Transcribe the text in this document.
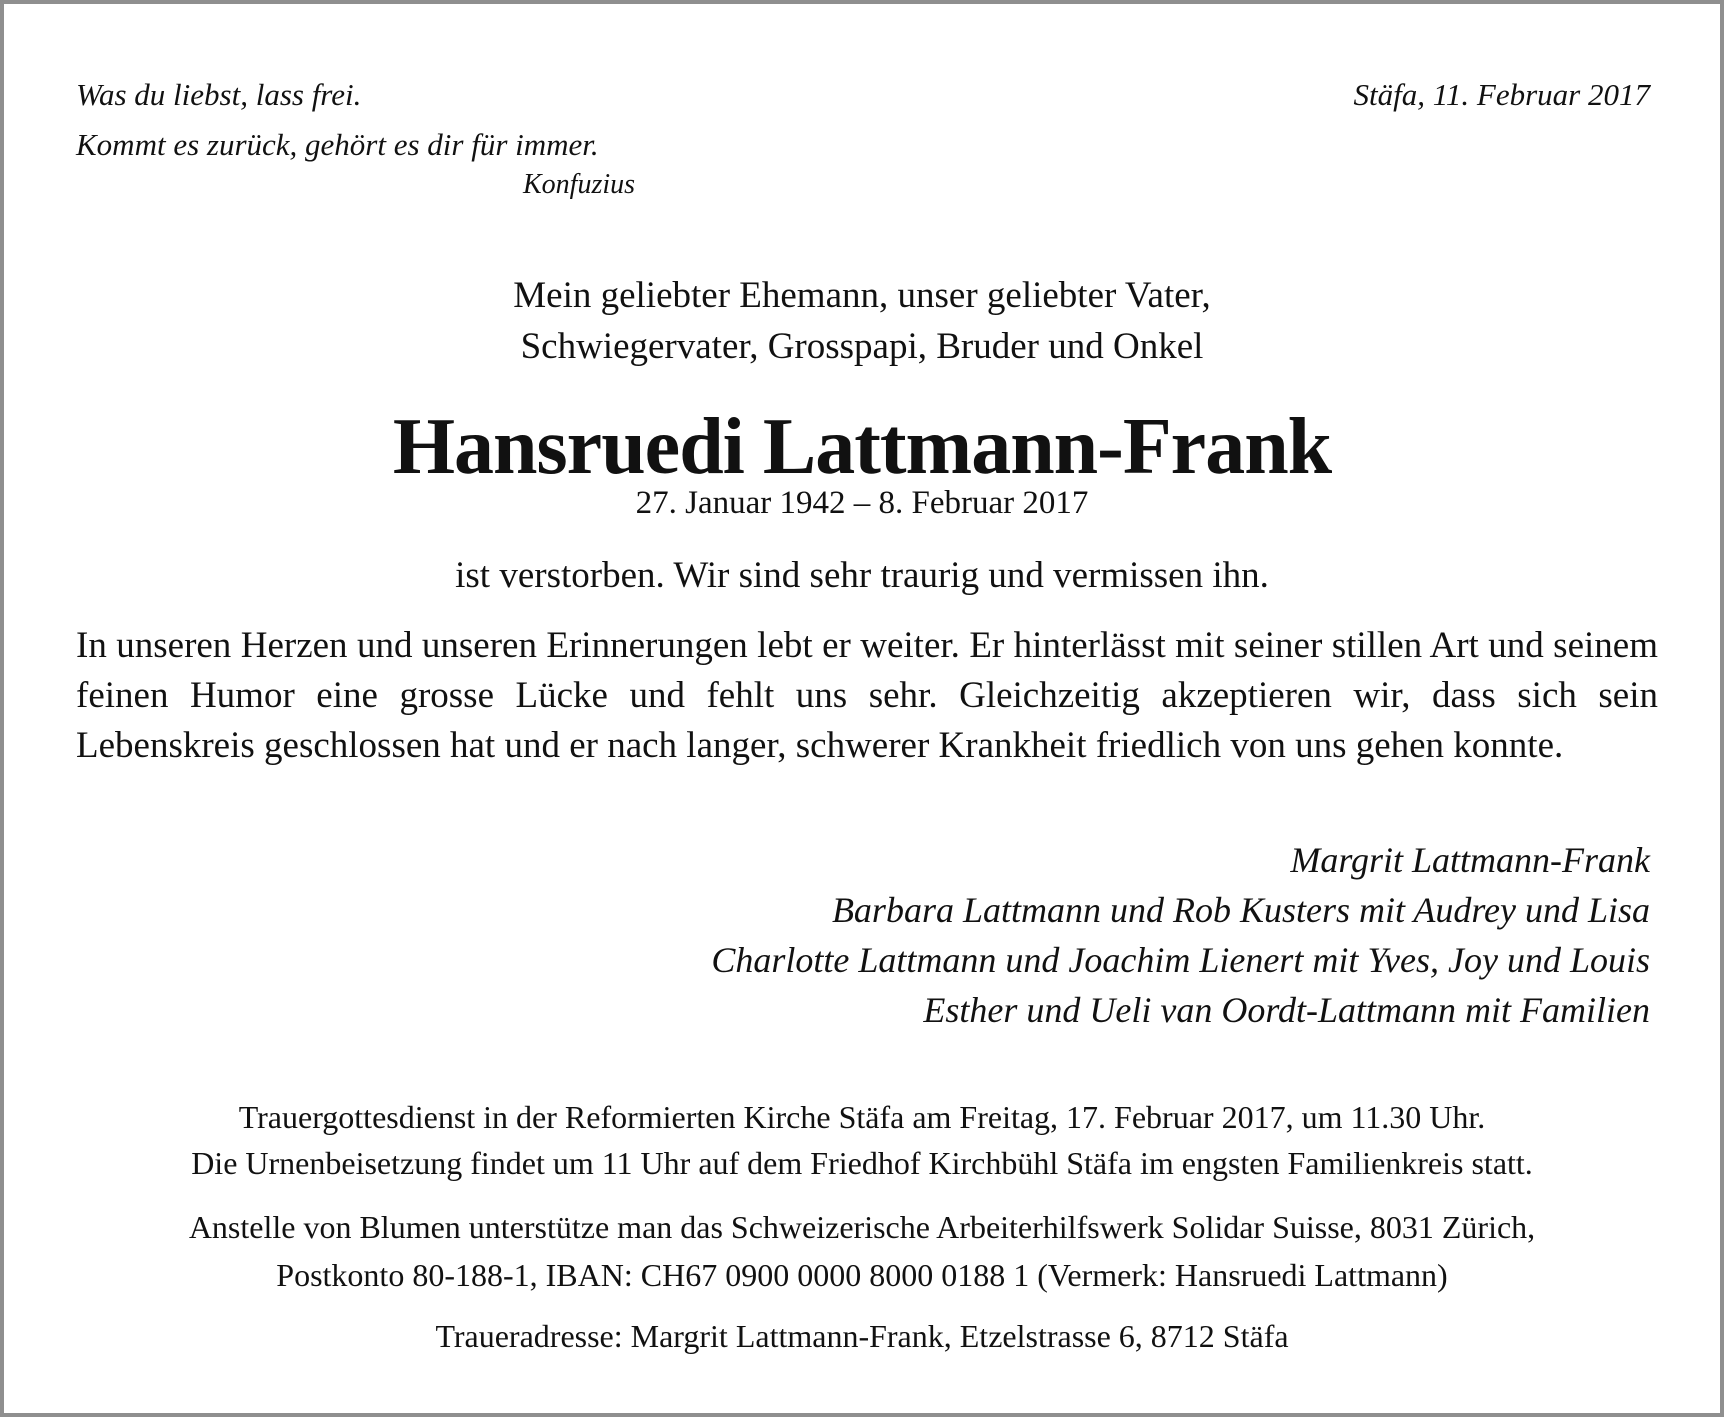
Was du liebst, lass frei.
Kommt es zurück, gehört es dir für immer.
Konfuzius
Stäfa, 11. Februar 2017
Mein geliebter Ehemann, unser geliebter Vater,
Schwiegervater, Grosspapi, Bruder und Onkel
Hansruedi Lattmann-Frank
27. Januar 1942 – 8. Februar 2017
ist verstorben. Wir sind sehr traurig und vermissen ihn.
In unseren Herzen und unseren Erinnerungen lebt er weiter. Er hinterlässt mit seiner stillen Art und seinem feinen Humor eine grosse Lücke und fehlt uns sehr. Gleichzeitig akzeptieren wir, dass sich sein Lebenskreis geschlossen hat und er nach langer, schwerer Krankheit friedlich von uns gehen konnte.
Margrit Lattmann-Frank
Barbara Lattmann und Rob Kusters mit Audrey und Lisa
Charlotte Lattmann und Joachim Lienert mit Yves, Joy und Louis
Esther und Ueli van Oordt-Lattmann mit Familien
Trauergottesdienst in der Reformierten Kirche Stäfa am Freitag, 17. Februar 2017, um 11.30 Uhr.
Die Urnenbeisetzung findet um 11 Uhr auf dem Friedhof Kirchbühl Stäfa im engsten Familienkreis statt.
Anstelle von Blumen unterstütze man das Schweizerische Arbeiterhilfswerk Solidar Suisse, 8031 Zürich,
Postkonto 80-188-1, IBAN: CH67 0900 0000 8000 0188 1 (Vermerk: Hansruedi Lattmann)
Traueradresse: Margrit Lattmann-Frank, Etzelstrasse 6, 8712 Stäfa
